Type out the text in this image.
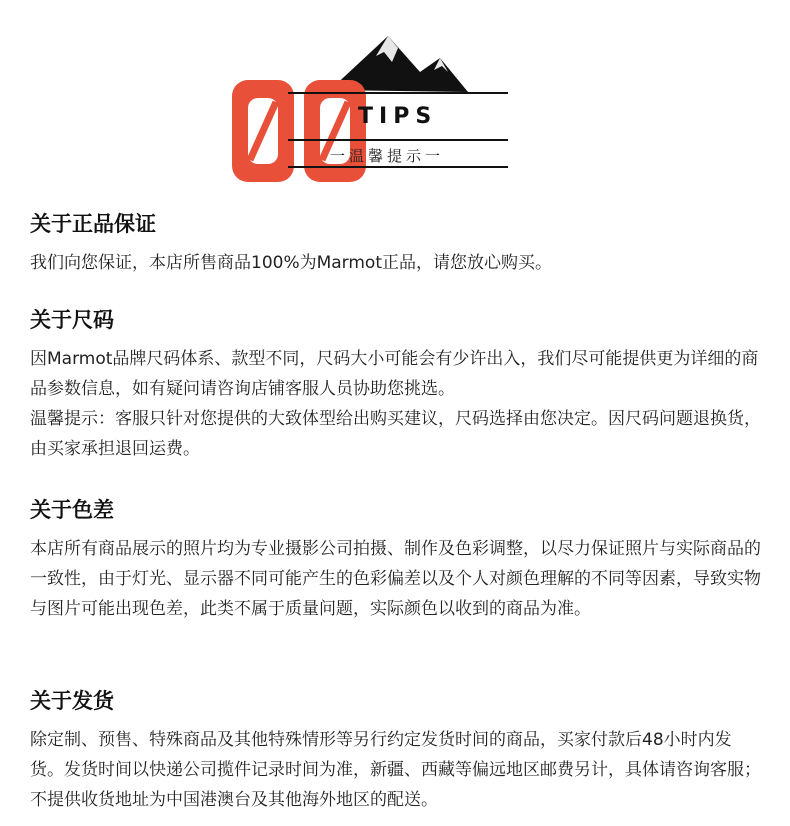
TIPS
一温馨提示一
关于正品保证

我们向您保证，本店所售商品100%为Marmot正品，请您放心购买。

关于尺码

因Marmot品牌尺码体系、款型不同，尺码大小可能会有少许出入，我们尽可能提供更为详细的商品参数信息，如有疑问请咨询店铺客服人员协助您挑选。

温馨提示：客服只针对您提供的大致体型给出购买建议，尺码选择由您决定。因尺码问题退换货，由买家承担退回运费。

关于色差

本店所有商品展示的照片均为专业摄影公司拍摄、制作及色彩调整，以尽力保证照片与实际商品的一致性，由于灯光、显示器不同可能产生的色彩偏差以及个人对颜色理解的不同等因素，导致实物与图片可能出现色差，此类不属于质量问题，实际颜色以收到的商品为准。

关于发货

除定制、预售、特殊商品及其他特殊情形等另行约定发货时间的商品，买家付款后48小时内发货。发货时间以快递公司揽件记录时间为准，新疆、西藏等偏远地区邮费另计，具体请咨询客服；不提供收货地址为中国港澳台及其他海外地区的配送。
